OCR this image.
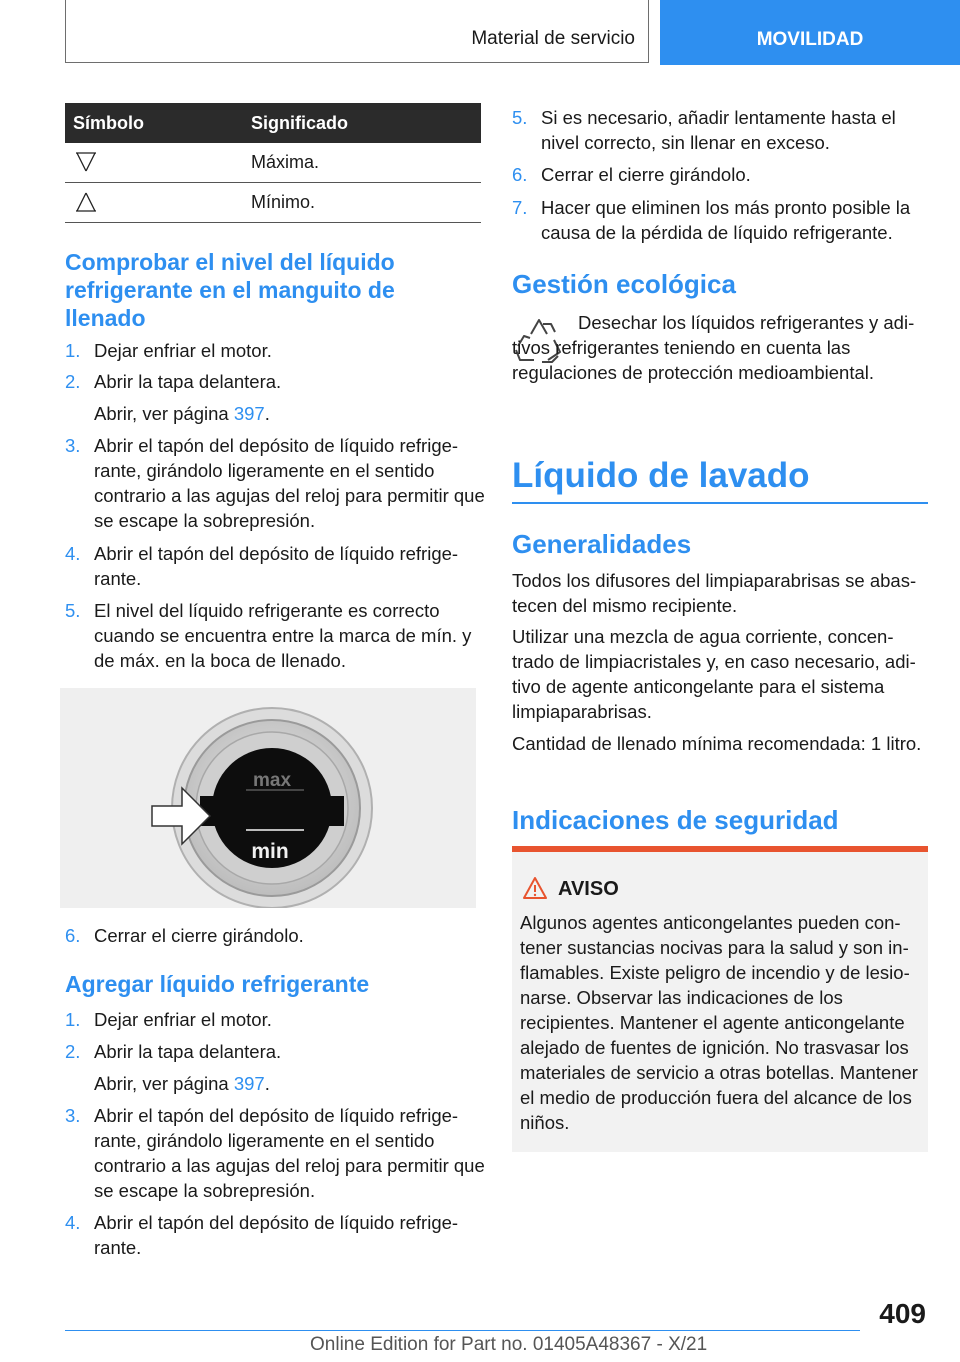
Material de servicio	MOVILIDAD
Símbolo	Significado
Máxima.
Mínimo.
Comprobar el nivel del líquido refrigerante en el manguito de llenado
1. Dejar enfriar el motor.
2. Abrir la tapa delantera.
Abrir, ver página 397.
3. Abrir el tapón del depósito de líquido refrigerante, girándolo ligeramente en el sentido contrario a las agujas del reloj para permitir que se escape la sobrepresión.
4. Abrir el tapón del depósito de líquido refrigerante.
5. El nivel del líquido refrigerante es correcto cuando se encuentra entre la marca de mín. y de máx. en la boca de llenado.
max
min
6. Cerrar el cierre girándolo.
Agregar líquido refrigerante
1. Dejar enfriar el motor.
2. Abrir la tapa delantera.
Abrir, ver página 397.
3. Abrir el tapón del depósito de líquido refrigerante, girándolo ligeramente en el sentido contrario a las agujas del reloj para permitir que se escape la sobrepresión.
4. Abrir el tapón del depósito de líquido refrigerante.
5. Si es necesario, añadir lentamente hasta el nivel correcto, sin llenar en exceso.
6. Cerrar el cierre girándolo.
7. Hacer que eliminen los más pronto posible la causa de la pérdida de líquido refrigerante.
Gestión ecológica
Desechar los líquidos refrigerantes y aditivos refrigerantes teniendo en cuenta las regulaciones de protección medioambiental.
Líquido de lavado
Generalidades
Todos los difusores del limpiaparabrisas se abastecen del mismo recipiente.
Utilizar una mezcla de agua corriente, concentrado de limpiacristales y, en caso necesario, aditivo de agente anticongelante para el sistema limpiaparabrisas.
Cantidad de llenado mínima recomendada: 1 litro.
Indicaciones de seguridad
AVISO
Algunos agentes anticongelantes pueden contener sustancias nocivas para la salud y son inflamables. Existe peligro de incendio y de lesionarse. Observar las indicaciones de los recipientes. Mantener el agente anticongelante alejado de fuentes de ignición. No trasvasar los materiales de servicio a otras botellas. Mantener el medio de producción fuera del alcance de los niños.
409
Online Edition for Part no. 01405A48367 - X/21
